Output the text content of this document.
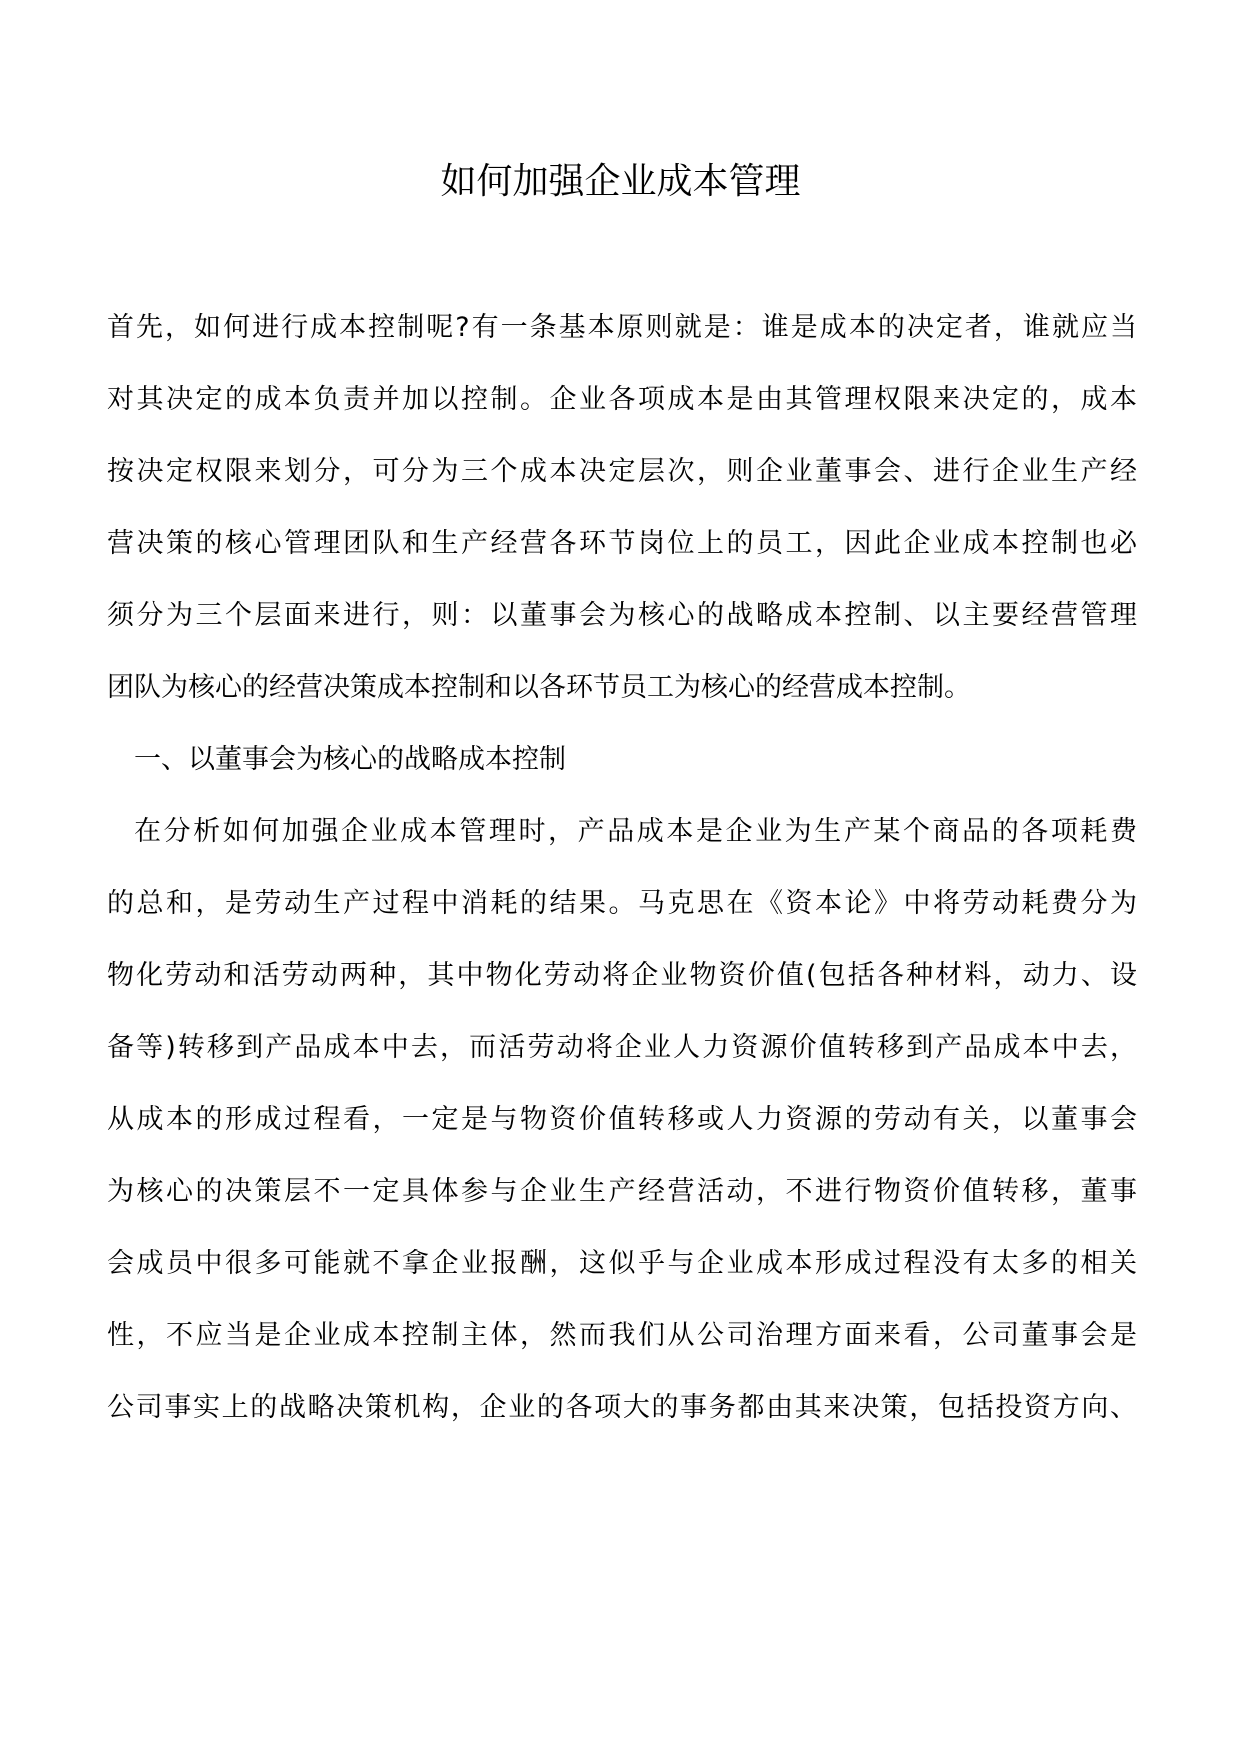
如何加强企业成本管理
首先，如何进行成本控制呢?有一条基本原则就是：谁是成本的决定者，谁就应当
对其决定的成本负责并加以控制。企业各项成本是由其管理权限来决定的，成本
按决定权限来划分，可分为三个成本决定层次，则企业董事会、进行企业生产经
营决策的核心管理团队和生产经营各环节岗位上的员工，因此企业成本控制也必
须分为三个层面来进行，则：以董事会为核心的战略成本控制、以主要经营管理
团队为核心的经营决策成本控制和以各环节员工为核心的经营成本控制。
一、以董事会为核心的战略成本控制
在分析如何加强企业成本管理时，产品成本是企业为生产某个商品的各项耗费
的总和，是劳动生产过程中消耗的结果。马克思在《资本论》中将劳动耗费分为
物化劳动和活劳动两种，其中物化劳动将企业物资价值(包括各种材料，动力、设
备等)转移到产品成本中去，而活劳动将企业人力资源价值转移到产品成本中去，
从成本的形成过程看，一定是与物资价值转移或人力资源的劳动有关，以董事会
为核心的决策层不一定具体参与企业生产经营活动，不进行物资价值转移，董事
会成员中很多可能就不拿企业报酬，这似乎与企业成本形成过程没有太多的相关
性，不应当是企业成本控制主体，然而我们从公司治理方面来看，公司董事会是
公司事实上的战略决策机构，企业的各项大的事务都由其来决策，包括投资方向、
